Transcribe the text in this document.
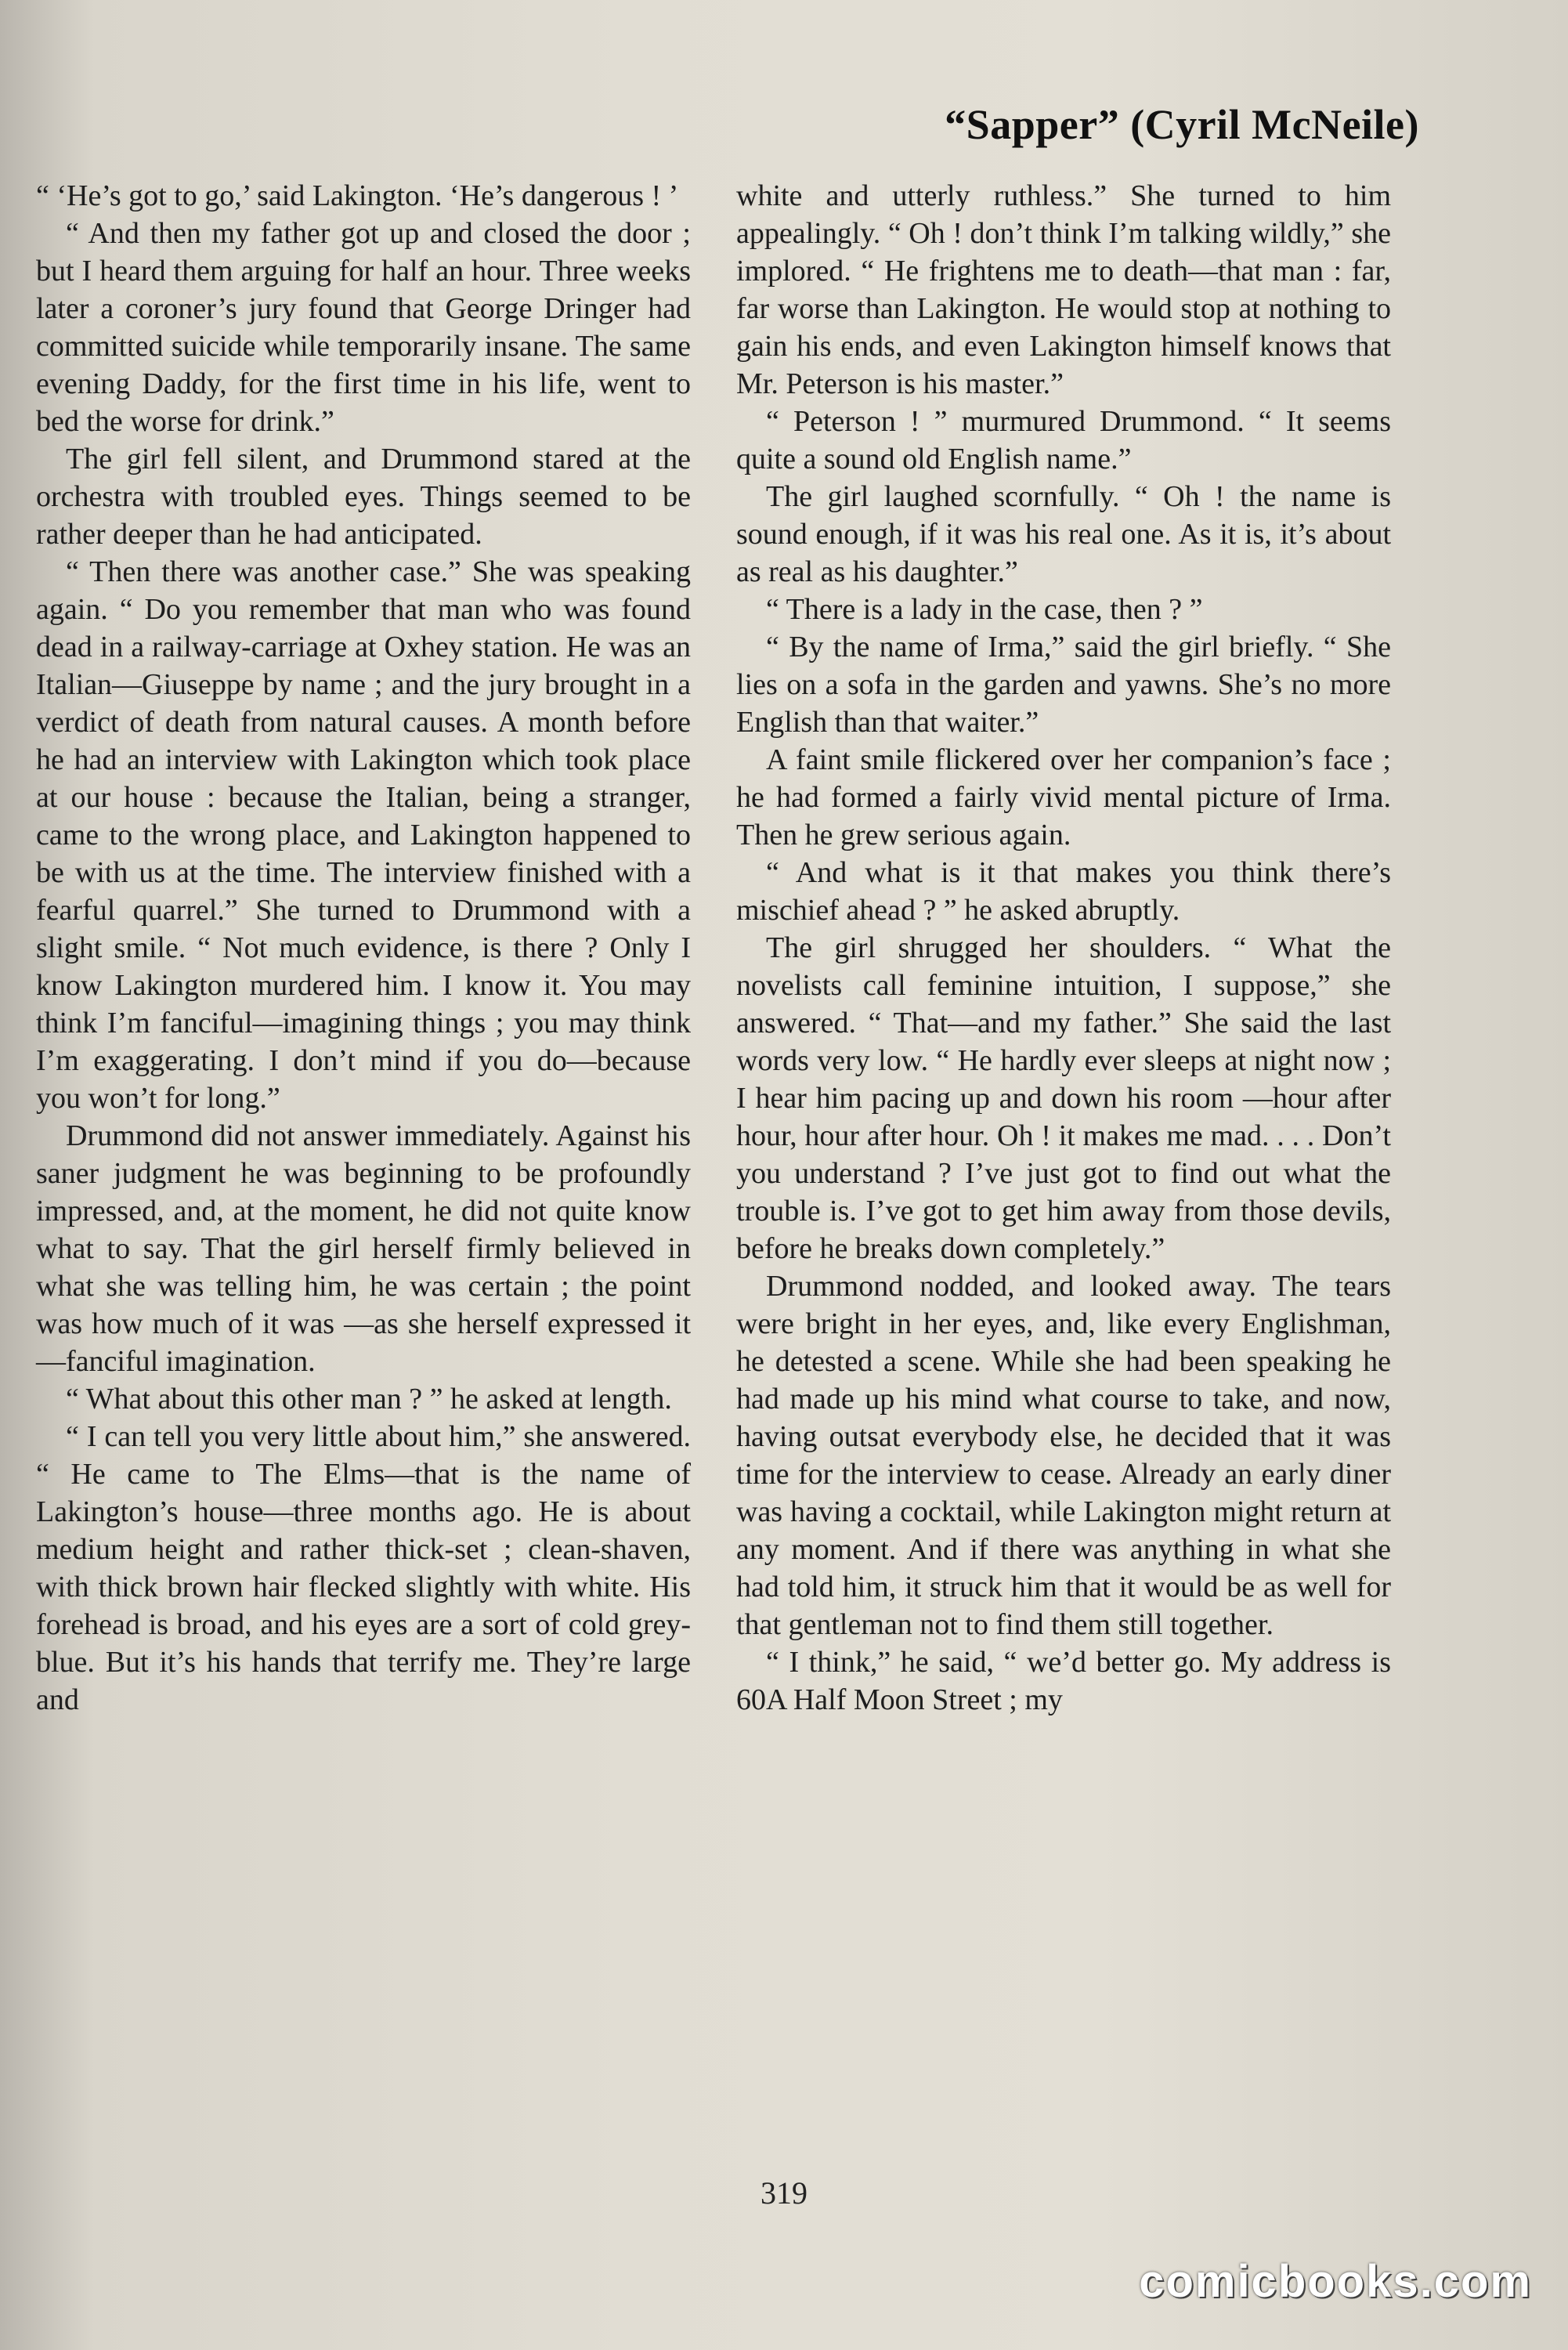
“Sapper” (Cyril McNeile)

“ ‘He’s got to go,’ said Lakington. ‘He’s dangerous ! ’

“ And then my father got up and closed the door ; but I heard them arguing for half an hour. Three weeks later a coroner’s jury found that George Dringer had committed suicide while temporarily insane. The same evening Daddy, for the first time in his life, went to bed the worse for drink.”

The girl fell silent, and Drummond stared at the orchestra with troubled eyes. Things seemed to be rather deeper than he had anticipated.

“ Then there was another case.” She was speaking again. “ Do you remember that man who was found dead in a railway-carriage at Oxhey station. He was an Italian—Giuseppe by name ; and the jury brought in a verdict of death from natural causes. A month before he had an interview with Lakington which took place at our house : because the Italian, being a stranger, came to the wrong place, and Lakington happened to be with us at the time. The interview finished with a fearful quarrel.” She turned to Drummond with a slight smile. “ Not much evidence, is there ? Only I know Lakington murdered him. I know it. You may think I’m fanciful—imagining things ; you may think I’m exaggerating. I don’t mind if you do—because you won’t for long.”

Drummond did not answer immediately. Against his saner judgment he was beginning to be profoundly impressed, and, at the moment, he did not quite know what to say. That the girl herself firmly believed in what she was telling him, he was certain ; the point was how much of it was —as she herself expressed it—fanciful imagination.

“ What about this other man ? ” he asked at length.

“ I can tell you very little about him,” she answered. “ He came to The Elms—that is the name of Lakington’s house—three months ago. He is about medium height and rather thick-set ; clean-shaven, with thick brown hair flecked slightly with white. His forehead is broad, and his eyes are a sort of cold grey-blue. But it’s his hands that terrify me. They’re large and

white and utterly ruthless.” She turned to him appealingly. “ Oh ! don’t think I’m talking wildly,” she implored. “ He frightens me to death—that man : far, far worse than Lakington. He would stop at nothing to gain his ends, and even Lakington himself knows that Mr. Peterson is his master.”

“ Peterson ! ” murmured Drummond. “ It seems quite a sound old English name.”

The girl laughed scornfully. “ Oh ! the name is sound enough, if it was his real one. As it is, it’s about as real as his daughter.”

“ There is a lady in the case, then ? ”

“ By the name of Irma,” said the girl briefly. “ She lies on a sofa in the garden and yawns. She’s no more English than that waiter.”

A faint smile flickered over her companion’s face ; he had formed a fairly vivid mental picture of Irma. Then he grew serious again.

“ And what is it that makes you think there’s mischief ahead ? ” he asked abruptly.

The girl shrugged her shoulders. “ What the novelists call feminine intuition, I suppose,” she answered. “ That—and my father.” She said the last words very low. “ He hardly ever sleeps at night now ; I hear him pacing up and down his room —hour after hour, hour after hour. Oh ! it makes me mad. . . . Don’t you understand ? I’ve just got to find out what the trouble is. I’ve got to get him away from those devils, before he breaks down completely.”

Drummond nodded, and looked away. The tears were bright in her eyes, and, like every Englishman, he detested a scene. While she had been speaking he had made up his mind what course to take, and now, having outsat everybody else, he decided that it was time for the interview to cease. Already an early diner was having a cocktail, while Lakington might return at any moment. And if there was anything in what she had told him, it struck him that it would be as well for that gentleman not to find them still together.

“ I think,” he said, “ we’d better go. My address is 60A Half Moon Street ; my

319
comicbooks.com
